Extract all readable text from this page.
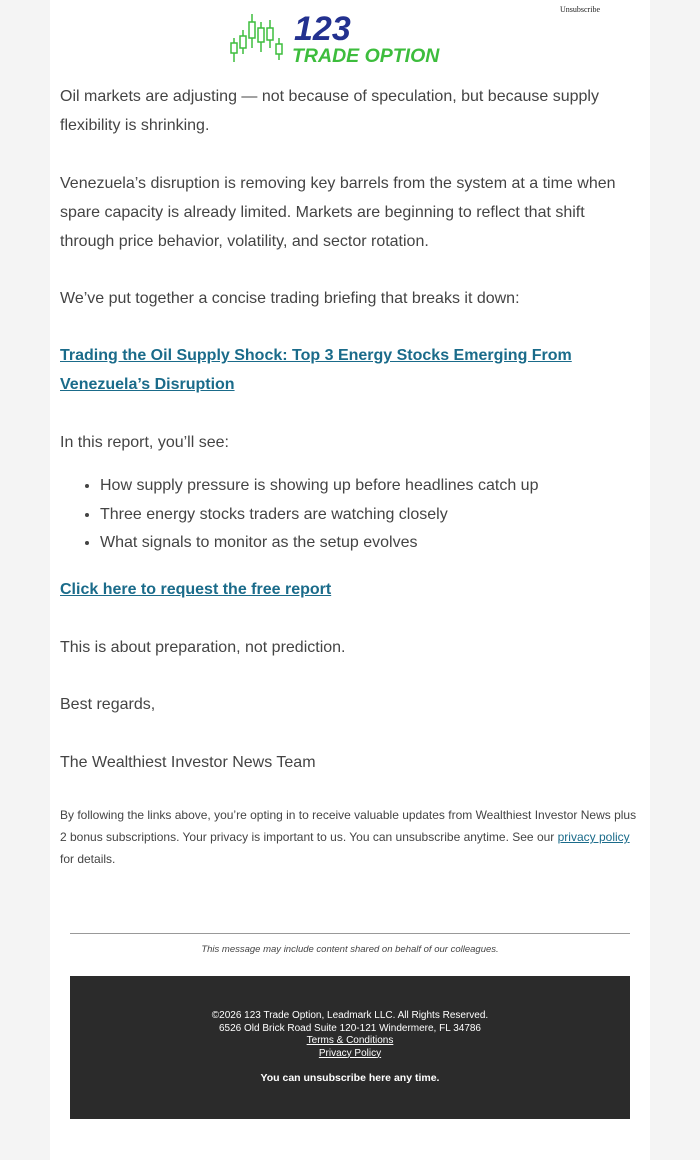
Unsubscribe
123
TRADE OPTION

Oil markets are adjusting — not because of speculation, but because supply flexibility is shrinking.

Venezuela’s disruption is removing key barrels from the system at a time when spare capacity is already limited. Markets are beginning to reflect that shift through price behavior, volatility, and sector rotation.

We’ve put together a concise trading briefing that breaks it down:

Trading the Oil Supply Shock: Top 3 Energy Stocks Emerging From Venezuela’s Disruption

In this report, you’ll see:

• How supply pressure is showing up before headlines catch up
• Three energy stocks traders are watching closely
• What signals to monitor as the setup evolves
Click here to request the free report

This is about preparation, not prediction.

Best regards,

The Wealthiest Investor News Team

By following the links above, you’re opting in to receive valuable updates from Wealthiest Investor News plus 2 bonus subscriptions. Your privacy is important to us. You can unsubscribe anytime. See our privacy policy for details.
This message may include content shared on behalf of our colleagues.
©2026 123 Trade Option, Leadmark LLC. All Rights Reserved.
6526 Old Brick Road Suite 120-121 Windermere, FL 34786
Terms & Conditions
Privacy Policy
You can unsubscribe here any time.
